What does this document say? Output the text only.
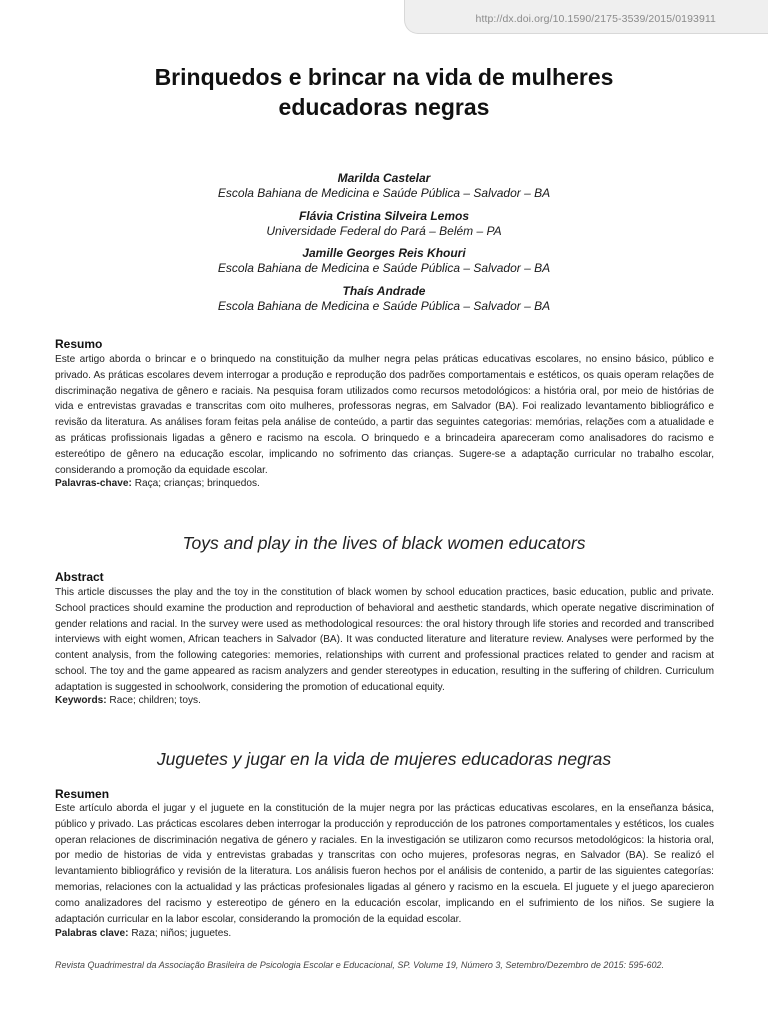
http://dx.doi.org/10.1590/2175-3539/2015/0193911
Brinquedos e brincar na vida de mulheres
educadoras negras
Marilda Castelar
Escola Bahiana de Medicina e Saúde Pública – Salvador – BA
Flávia Cristina Silveira Lemos
Universidade Federal do Pará – Belém – PA
Jamille Georges Reis Khouri
Escola Bahiana de Medicina e Saúde Pública – Salvador – BA
Thaís Andrade
Escola Bahiana de Medicina e Saúde Pública – Salvador – BA
Resumo
Este artigo aborda o brincar e o brinquedo na constituição da mulher negra pelas práticas educativas escolares, no ensino básico, público e privado. As práticas escolares devem interrogar a produção e reprodução dos padrões comportamentais e estéticos, os quais operam relações de discriminação negativa de gênero e raciais. Na pesquisa foram utilizados como recursos metodológicos: a história oral, por meio de histórias de vida e entrevistas gravadas e transcritas com oito mulheres, professoras negras, em Salvador (BA). Foi realizado levantamento bibliográfico e revisão da literatura. As análises foram feitas pela análise de conteúdo, a partir das seguintes categorias: memórias, relações com a atualidade e as práticas profissionais ligadas a gênero e racismo na escola. O brinquedo e a brincadeira apareceram como analisadores do racismo e estereótipo de gênero na educação escolar, implicando no sofrimento das crianças. Sugere-se a adaptação curricular no trabalho escolar, considerando a promoção da equidade escolar.
Palavras-chave: Raça; crianças; brinquedos.
Toys and play in the lives of black women educators
Abstract
This article discusses the play and the toy in the constitution of black women by school education practices, basic education, public and private. School practices should examine the production and reproduction of behavioral and aesthetic standards, which operate negative discrimination of gender relations and racial. In the survey were used as methodological resources: the oral history through life stories and recorded and transcribed interviews with eight women, African teachers in Salvador (BA). It was conducted literature and literature review. Analyses were performed by the content analysis, from the following categories: memories, relationships with current and professional practices related to gender and racism at school. The toy and the game appeared as racism analyzers and gender stereotypes in education, resulting in the suffering of children. Curriculum adaptation is suggested in schoolwork, considering the promotion of educational equity.
Keywords: Race; children; toys.
Juguetes y jugar en la vida de mujeres educadoras negras
Resumen
Este artículo aborda el jugar y el juguete en la constitución de la mujer negra por las prácticas educativas escolares, en la enseñanza básica, público y privado. Las prácticas escolares deben interrogar la producción y reproducción de los patrones comportamentales y estéticos, los cuales operan relaciones de discriminación negativa de género y raciales. En la investigación se utilizaron como recursos metodológicos: la historia oral, por medio de historias de vida y entrevistas grabadas y transcritas con ocho mujeres, profesoras negras, en Salvador (BA). Se realizó el levantamiento bibliográfico y revisión de la literatura. Los análisis fueron hechos por el análisis de contenido, a partir de las siguientes categorías: memorias, relaciones con la actualidad y las prácticas profesionales ligadas al género y racismo en la escuela. El juguete y el juego aparecieron como analizadores del racismo y estereotipo de género en la educación escolar, implicando en el sufrimiento de los niños. Se sugiere la adaptación curricular en la labor escolar, considerando la promoción de la equidad escolar.
Palabras clave: Raza; niños; juguetes.
Revista Quadrimestral da Associação Brasileira de Psicologia Escolar e Educacional, SP. Volume 19, Número 3, Setembro/Dezembro de 2015: 595-602.
